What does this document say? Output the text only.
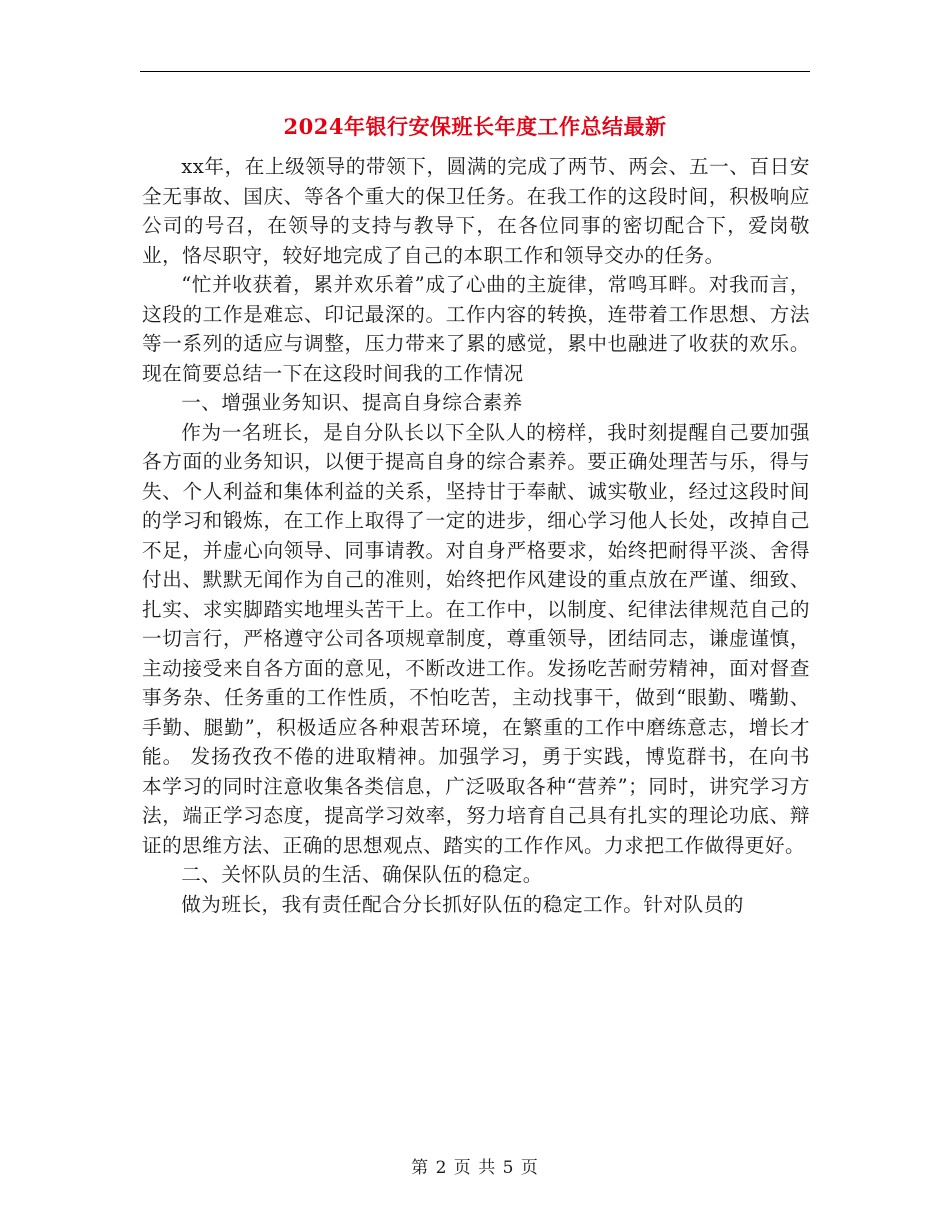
2024年银行安保班长年度工作总结最新

xx年，在上级领导的带领下，圆满的完成了两节、两会、五一、百日安全无事故、国庆、等各个重大的保卫任务。在我工作的这段时间，积极响应公司的号召，在领导的支持与教导下，在各位同事的密切配合下，爱岗敬业，恪尽职守，较好地完成了自己的本职工作和领导交办的任务。

“忙并收获着，累并欢乐着”成了心曲的主旋律，常鸣耳畔。对我而言，这段的工作是难忘、印记最深的。工作内容的转换，连带着工作思想、方法等一系列的适应与调整，压力带来了累的感觉，累中也融进了收获的欢乐。现在简要总结一下在这段时间我的工作情况

一、增强业务知识、提高自身综合素养

作为一名班长，是自分队长以下全队人的榜样，我时刻提醒自己要加强各方面的业务知识，以便于提高自身的综合素养。要正确处理苦与乐，得与失、个人利益和集体利益的关系，坚持甘于奉献、诚实敬业，经过这段时间的学习和锻炼，在工作上取得了一定的进步，细心学习他人长处，改掉自己不足，并虚心向领导、同事请教。对自身严格要求，始终把耐得平淡、舍得付出、默默无闻作为自己的准则，始终把作风建设的重点放在严谨、细致、扎实、求实脚踏实地埋头苦干上。在工作中，以制度、纪律法律规范自己的一切言行，严格遵守公司各项规章制度，尊重领导，团结同志，谦虚谨慎，主动接受来自各方面的意见，不断改进工作。发扬吃苦耐劳精神，面对督查事务杂、任务重的工作性质，不怕吃苦，主动找事干，做到“眼勤、嘴勤、手勤、腿勤”，积极适应各种艰苦环境，在繁重的工作中磨练意志，增长才能。 发扬孜孜不倦的进取精神。加强学习，勇于实践，博览群书，在向书本学习的同时注意收集各类信息，广泛吸取各种“营养”；同时，讲究学习方法，端正学习态度，提高学习效率，努力培育自己具有扎实的理论功底、辩证的思维方法、正确的思想观点、踏实的工作作风。力求把工作做得更好。

二、关怀队员的生活、确保队伍的稳定。

做为班长，我有责任配合分长抓好队伍的稳定工作。针对队员的

第 2 页 共 5 页
